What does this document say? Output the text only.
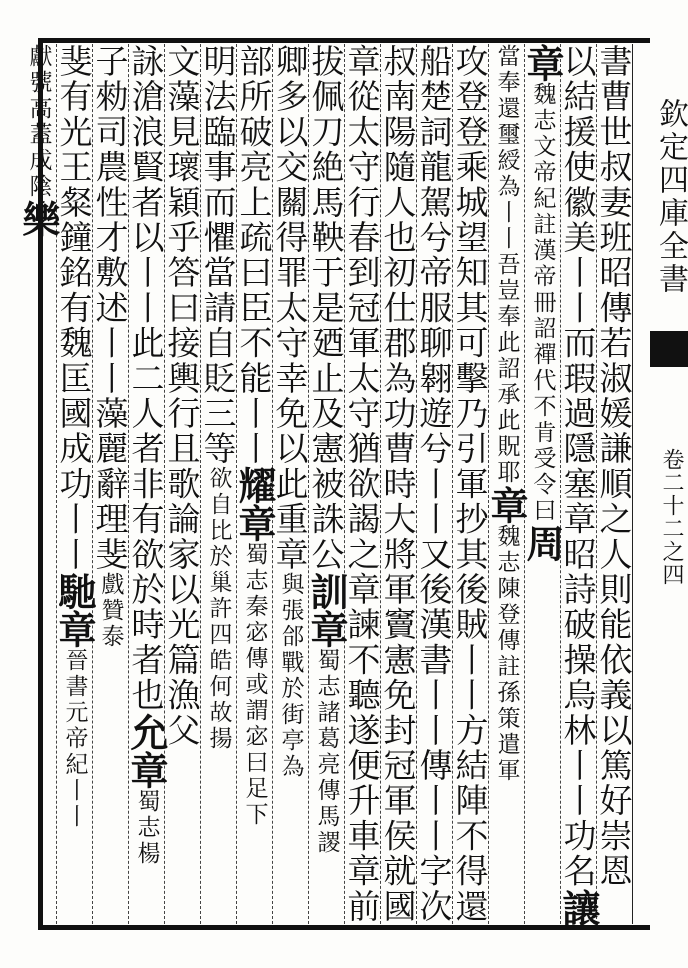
欽定四庫全書
卷二十二之四
書曹世叔妻班昭傳若淑媛謙順之人則能依義以篤好崇恩
以結援使徽美丨丨而瑕過隱塞章昭詩破操烏林丨丨功名
讓
章
魏志文帝紀註漢帝冊詔禪代不肯受令曰
周
當奉還璽綬為丨丨吾豈奉此詔承此貺耶
章
魏志陳登傳註孫策遣軍
攻登登乘城望知其可擊乃引軍抄其後賊丨丨方結陣不得還
船楚詞龍駕兮帝服聊翱遊兮丨丨又後漢書丨丨傳丨丨字次
叔南陽隨人也初仕郡為功曹時大將軍竇憲免封冠軍侯就國
章從太守行春到冠軍太守猶欲謁之章諫不聽遂便升車章前
拔佩刀絶馬鞅于是廼止及憲被誅公
訓
章
蜀志諸葛亮傳馬謖
卿多以交關得罪太守幸免以此重章
與張郃戰於街亭為
部所破亮上疏曰臣不能丨丨
耀
章
蜀志秦宓傳或謂宓曰足下
明法臨事而懼當請自貶三等
欲自比於巢許四皓何故揚
文藻見瓌穎乎答曰接輿行且歌論家以光篇漁父
詠滄浪賢者以丨丨此二人者非有欲於時者也
允
章
蜀志楊
子勑司農性才敷述丨丨藻麗辭理斐
戲贊泰
斐有光王粲鐘銘有魏匡國成功丨丨
馳
章
晉書元帝紀丨丨
獻號高蓋成陰
樂
